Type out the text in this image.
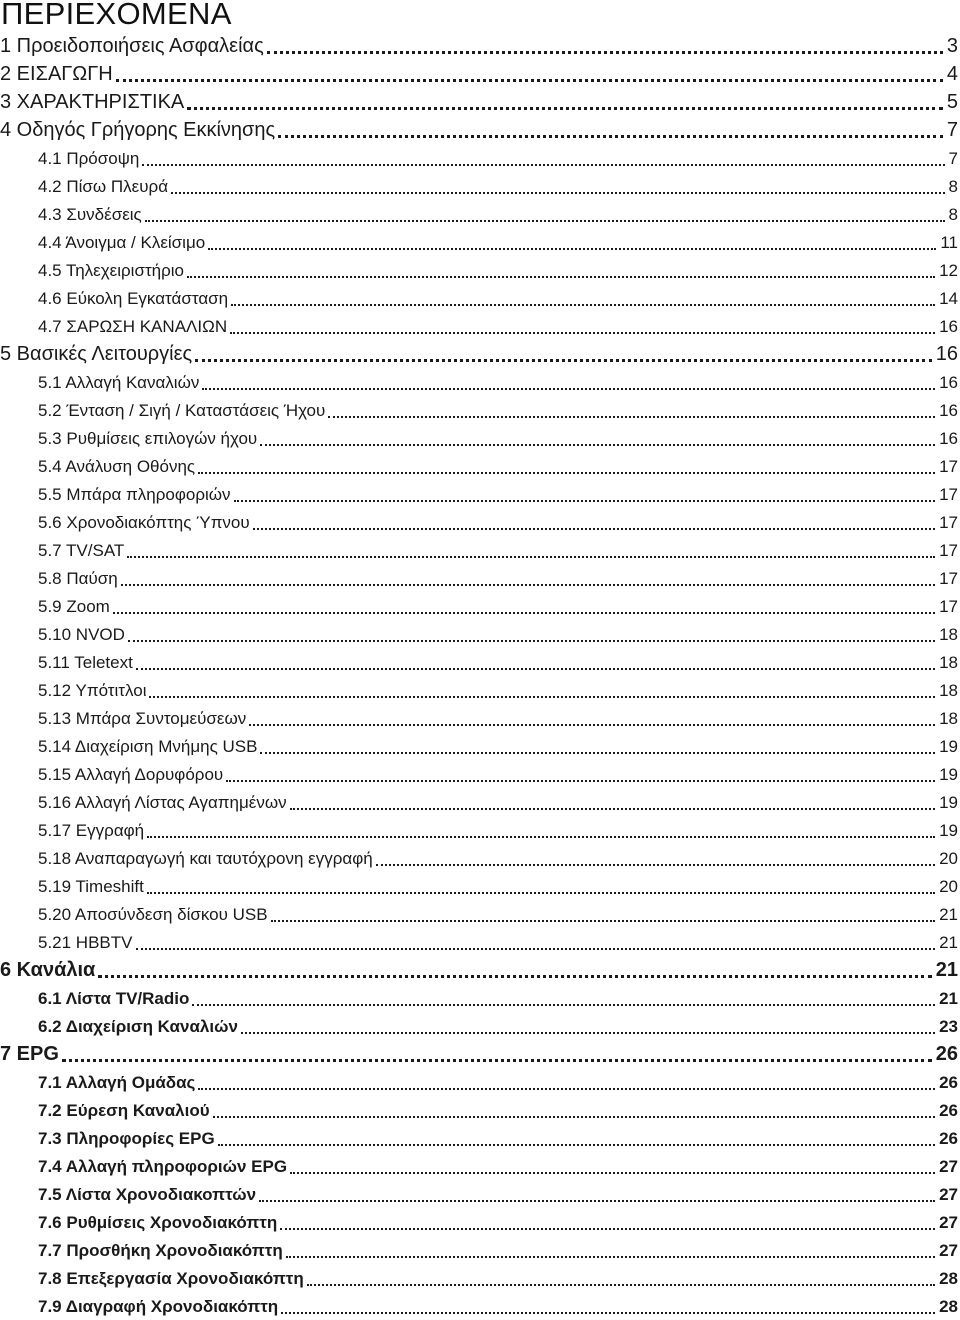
ΠΕΡΙΕΧΟΜΕΝΑ
1 Προειδοποιήσεις Ασφαλείας	3
2 ΕΙΣΑΓΩΓΗ	4
3 ΧΑΡΑΚΤΗΡΙΣΤΙΚΑ	5
4 Οδηγός Γρήγορης Εκκίνησης	7
4.1 Πρόσοψη	7
4.2 Πίσω Πλευρά	8
4.3 Συνδέσεις	8
4.4 Άνοιγμα / Κλείσιμο	11
4.5 Τηλεχειριστήριο	12
4.6 Εύκολη Εγκατάσταση	14
4.7 ΣΑΡΩΣΗ ΚΑΝΑΛΙΩΝ	16
5 Βασικές Λειτουργίες	16
5.1 Αλλαγή Καναλιών	16
5.2 Ένταση / Σιγή / Καταστάσεις Ήχου	16
5.3 Ρυθμίσεις επιλογών ήχου	16
5.4 Ανάλυση Οθόνης	17
5.5 Μπάρα πληροφοριών	17
5.6 Χρονοδιακόπτης Ύπνου	17
5.7 TV/SAT	17
5.8 Παύση	17
5.9 Zoom	17
5.10 NVOD	18
5.11 Teletext	18
5.12 Υπότιτλοι	18
5.13 Μπάρα Συντομεύσεων	18
5.14 Διαχείριση Μνήμης USB	19
5.15 Αλλαγή Δορυφόρου	19
5.16 Αλλαγή Λίστας Αγαπημένων	19
5.17 Εγγραφή	19
5.18 Αναπαραγωγή και ταυτόχρονη εγγραφή	20
5.19 Timeshift	20
5.20 Αποσύνδεση δίσκου USB	21
5.21 HBBTV	21
6 Κανάλια	21
6.1 Λίστα TV/Radio	21
6.2 Διαχείριση Καναλιών	23
7 EPG	26
7.1 Αλλαγή Ομάδας	26
7.2 Εύρεση Καναλιού	26
7.3 Πληροφορίες EPG	26
7.4 Αλλαγή πληροφοριών EPG	27
7.5 Λίστα Χρονοδιακοπτών	27
7.6 Ρυθμίσεις Χρονοδιακόπτη	27
7.7 Προσθήκη Χρονοδιακόπτη	27
7.8 Επεξεργασία Χρονοδιακόπτη	28
7.9 Διαγραφή Χρονοδιακόπτη	28
